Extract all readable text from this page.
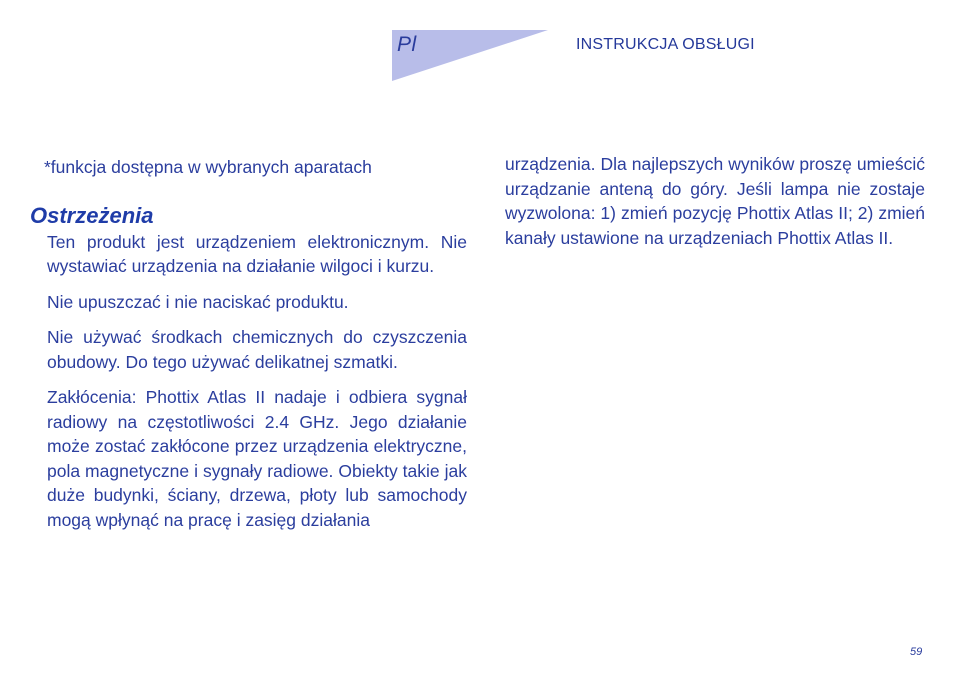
Pl	INSTRUKCJA OBSŁUGI
*funkcja dostępna w wybranych aparatach
Ostrzeżenia

Ten produkt jest urządzeniem elektronicznym. Nie wystawiać urządzenia na działanie wilgoci i kurzu.

Nie upuszczać i nie naciskać produktu.

Nie używać środkach chemicznych do czyszczenia obudowy. Do tego używać delikatnej szmatki.

Zakłócenia: Phottix Atlas II nadaje i odbiera sygnał radiowy na częstotliwości 2.4 GHz. Jego działanie może zostać zakłócone przez urządzenia elektryczne, pola magnetyczne i sygnały radiowe. Obiekty takie jak duże budynki, ściany, drzewa, płoty lub samochody mogą wpłynąć na pracę i zasięg działania

urządzenia. Dla najlepszych wyników proszę umieścić urządzanie anteną do góry. Jeśli lampa nie zostaje wyzwolona: 1) zmień pozycję Phottix Atlas II; 2) zmień kanały ustawione na urządzeniach Phottix Atlas II.

59
